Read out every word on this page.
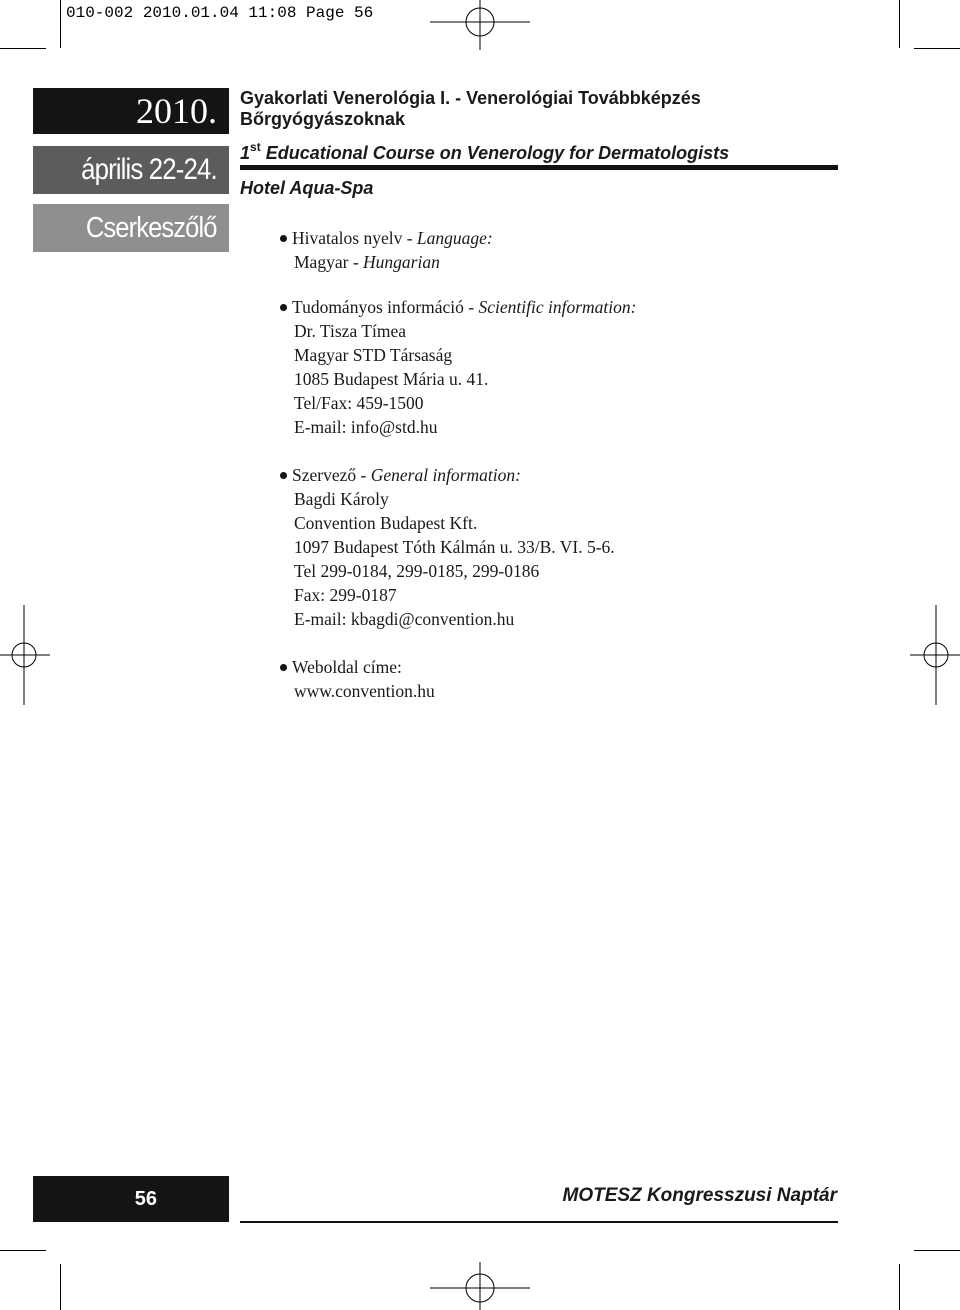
010-002 2010.01.04 11:08 Page 56
2010.
április 22-24.
Cserkeszőlő
Gyakorlati Venerológia I. - Venerológiai Továbbképzés
Bőrgyógyászoknak
1st Educational Course on Venerology for Dermatologists
Hotel Aqua-Spa
Hivatalos nyelv - Language:
Magyar - Hungarian
Tudományos információ - Scientific information:
Dr. Tisza Tímea
Magyar STD Társaság
1085 Budapest Mária u. 41.
Tel/Fax: 459-1500
E-mail: info@std.hu
Szervező - General information:
Bagdi Károly
Convention Budapest Kft.
1097 Budapest Tóth Kálmán u. 33/B. VI. 5-6.
Tel 299-0184, 299-0185, 299-0186
Fax: 299-0187
E-mail: kbagdi@convention.hu
Weboldal címe:
www.convention.hu
56	MOTESZ Kongresszusi Naptár
